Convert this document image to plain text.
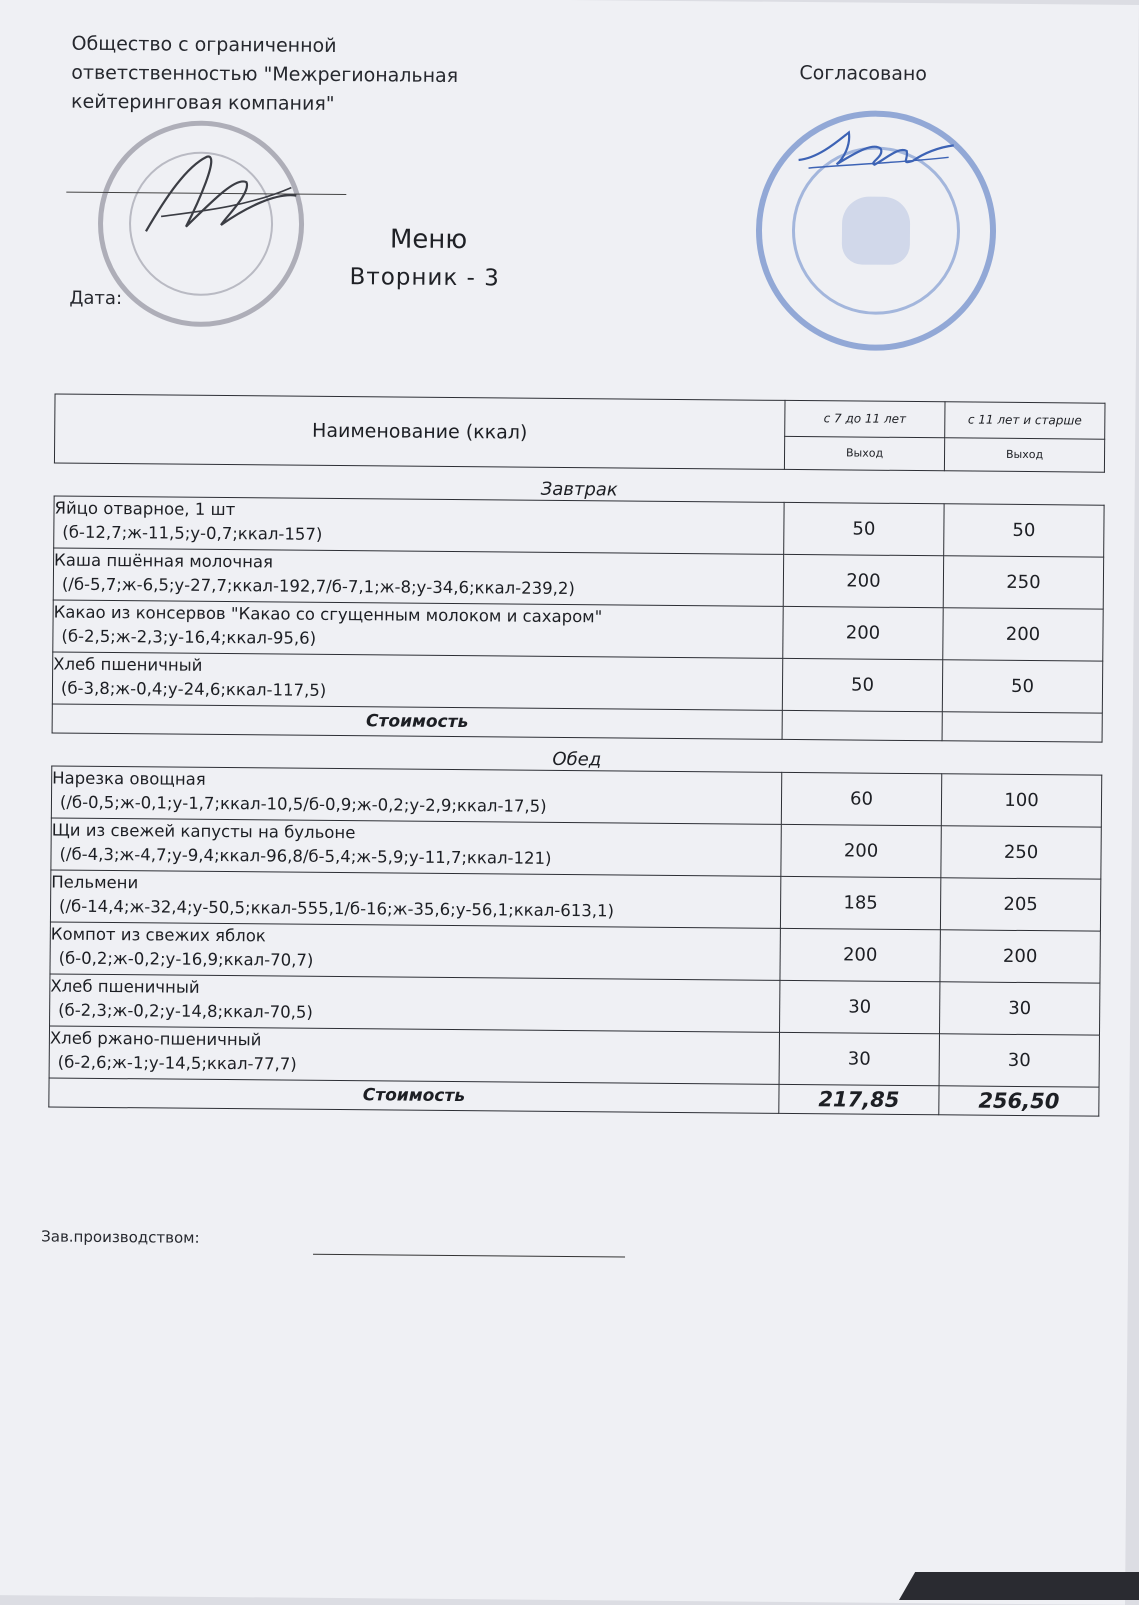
Общество с ограниченной ответственностью "Межрегиональная кейтеринговая компания"
Согласовано
Меню
Вторник - 3
Дата:
Наименование (ккал)	с 7 до 11 лет	с 11 лет и старше
	Выход	Выход
Завтрак		

Яйцо отварное, 1 шт
(б-12,7;ж-11,5;у-0,7;ккал-157)	50	50

Каша пшённая молочная
(/б-5,7;ж-6,5;у-27,7;ккал-192,7/б-7,1;ж-8;у-34,6;ккал-239,2)	200	250

Какао из консервов "Какао со сгущенным молоком и сахаром"
(б-2,5;ж-2,3;у-16,4;ккал-95,6)	200	200

Хлеб пшеничный
(б-3,8;ж-0,4;у-24,6;ккал-117,5)	50	50
Стоимость		
Обед		

Нарезка овощная
(/б-0,5;ж-0,1;у-1,7;ккал-10,5/б-0,9;ж-0,2;у-2,9;ккал-17,5)	60	100

Щи из свежей капусты на бульоне
(/б-4,3;ж-4,7;у-9,4;ккал-96,8/б-5,4;ж-5,9;у-11,7;ккал-121)	200	250

Пельмени
(/б-14,4;ж-32,4;у-50,5;ккал-555,1/б-16;ж-35,6;у-56,1;ккал-613,1)	185	205

Компот из свежих яблок
(б-0,2;ж-0,2;у-16,9;ккал-70,7)	200	200

Хлеб пшеничный
(б-2,3;ж-0,2;у-14,8;ккал-70,5)	30	30

Хлеб ржано-пшеничный
(б-2,6;ж-1;у-14,5;ккал-77,7)	30	30
Стоимость	217,85	256,50
Зав.производством:
